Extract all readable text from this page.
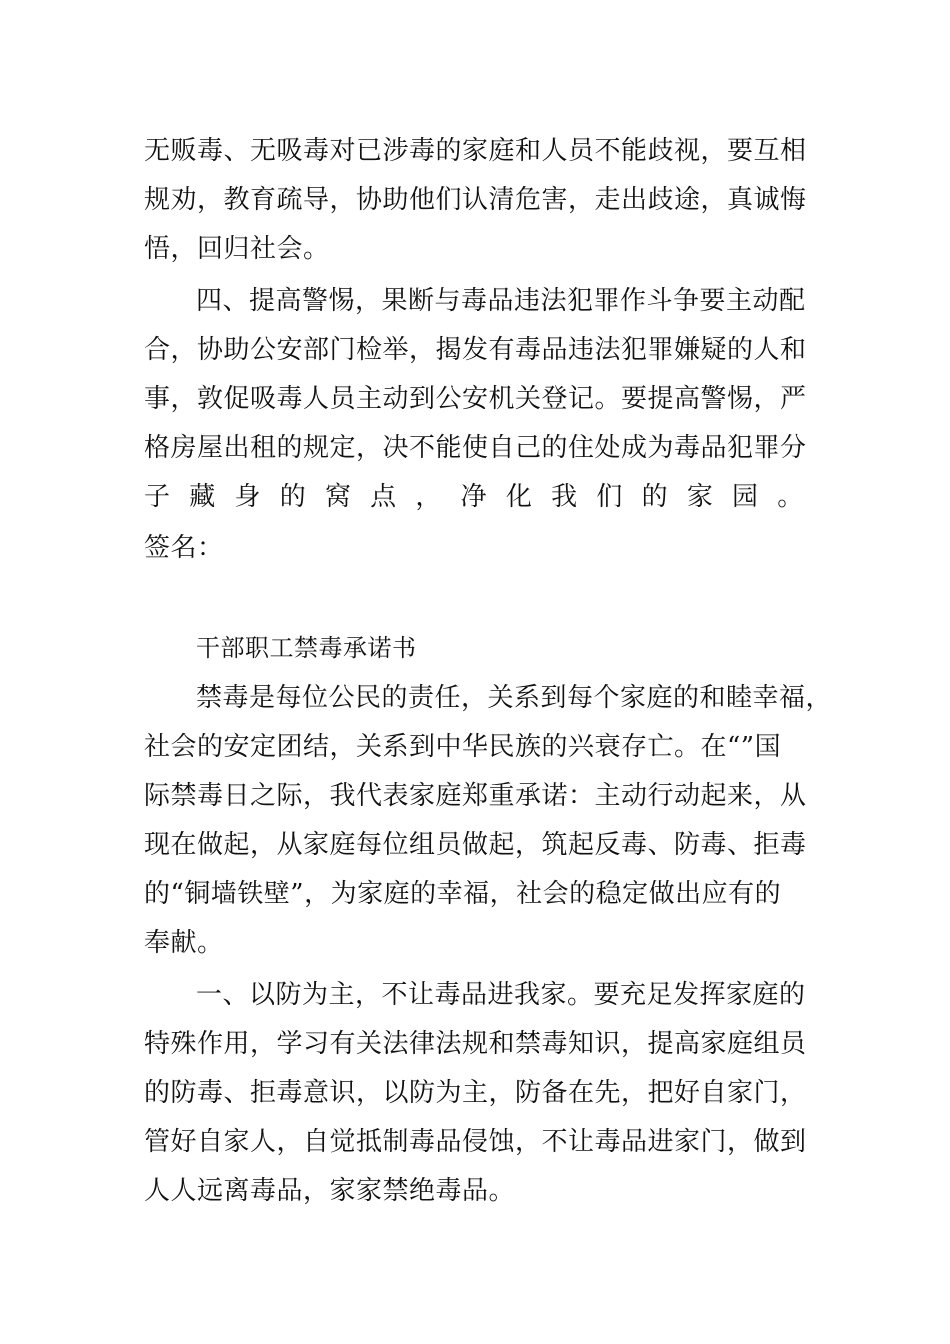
无贩毒、无吸毒对已涉毒的家庭和人员不能歧视，要互相
规劝，教育疏导，协助他们认清危害，走出歧途，真诚悔
悟，回归社会。
四、提高警惕，果断与毒品违法犯罪作斗争要主动配
合，协助公安部门检举，揭发有毒品违法犯罪嫌疑的人和
事，敦促吸毒人员主动到公安机关登记。要提高警惕，严
格房屋出租的规定，决不能使自己的住处成为毒品犯罪分
子 藏 身 的 窝 点 ， 净 化 我 们 的 家 园 。
签名：
干部职工禁毒承诺书
禁毒是每位公民的责任，关系到每个家庭的和睦幸福，
社会的安定团结，关系到中华民族的兴衰存亡。在“”国
际禁毒日之际，我代表家庭郑重承诺：主动行动起来，从
现在做起，从家庭每位组员做起，筑起反毒、防毒、拒毒
的“铜墙铁壁”，为家庭的幸福，社会的稳定做出应有的
奉献。
一、以防为主，不让毒品进我家。要充足发挥家庭的
特殊作用，学习有关法律法规和禁毒知识，提高家庭组员
的防毒、拒毒意识，以防为主，防备在先，把好自家门，
管好自家人，自觉抵制毒品侵蚀，不让毒品进家门，做到
人人远离毒品，家家禁绝毒品。
